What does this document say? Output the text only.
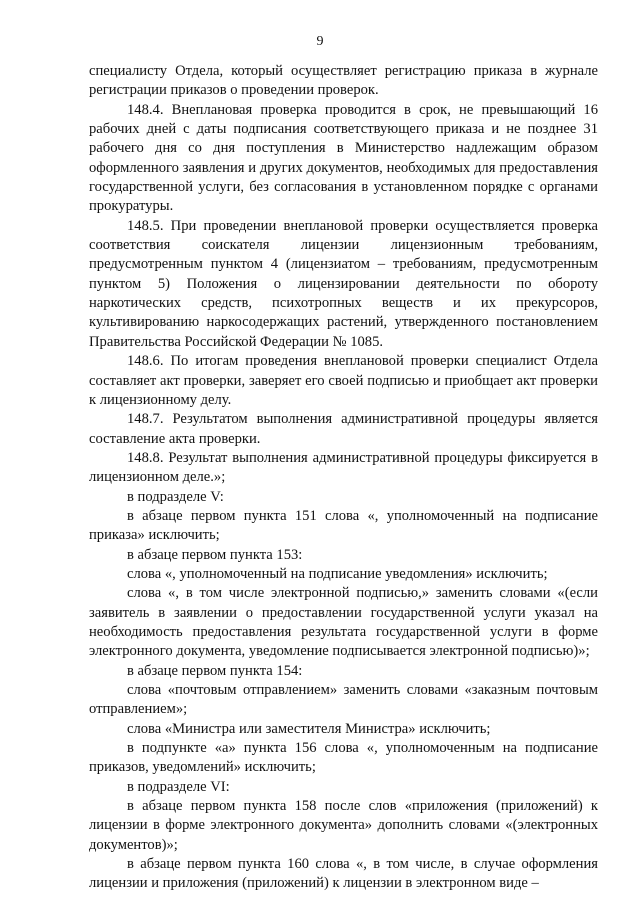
9

специалисту Отдела, который осуществляет регистрацию приказа в журнале регистрации приказов о проведении проверок.

148.4. Внеплановая проверка проводится в срок, не превышающий 16 рабочих дней с даты подписания соответствующего приказа и не позднее 31 рабочего дня со дня поступления в Министерство надлежащим образом оформленного заявления и других документов, необходимых для предоставления государственной услуги, без согласования в установленном порядке с органами прокуратуры.

148.5. При проведении внеплановой проверки осуществляется проверка соответствия соискателя лицензии лицензионным требованиям, предусмотренным пунктом 4 (лицензиатом – требованиям, предусмотренным пунктом 5) Положения о лицензировании деятельности по обороту наркотических средств, психотропных веществ и их прекурсоров, культивированию наркосодержащих растений, утвержденного постановлением Правительства Российской Федерации № 1085.

148.6. По итогам проведения внеплановой проверки специалист Отдела составляет акт проверки, заверяет его своей подписью и приобщает акт проверки к лицензионному делу.

148.7. Результатом выполнения административной процедуры является составление акта проверки.

148.8. Результат выполнения административной процедуры фиксируется в лицензионном деле.»;

в подразделе V:

в абзаце первом пункта 151 слова «, уполномоченный на подписание приказа» исключить;

в абзаце первом пункта 153:

слова «, уполномоченный на подписание уведомления» исключить;

слова «, в том числе электронной подписью,» заменить словами «(если заявитель в заявлении о предоставлении государственной услуги указал на необходимость предоставления результата государственной услуги в форме электронного документа, уведомление подписывается электронной подписью)»;

в абзаце первом пункта 154:

слова «почтовым отправлением» заменить словами «заказным почтовым отправлением»;

слова «Министра или заместителя Министра» исключить;

в подпункте «а» пункта 156 слова «, уполномоченным на подписание приказов, уведомлений» исключить;

в подразделе VI:

в абзаце первом пункта 158 после слов «приложения (приложений) к лицензии в форме электронного документа» дополнить словами «(электронных документов)»;

в абзаце первом пункта 160 слова «, в том числе, в случае оформления лицензии и приложения (приложений) к лицензии в электронном виде –
